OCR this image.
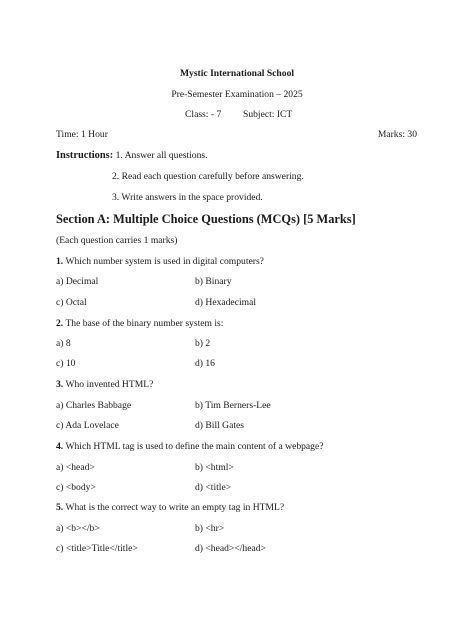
Mystic International School
Pre-Semester Examination – 2025
Class: - 7 Subject: ICT
Time: 1 Hour	Marks: 30
Instructions: 1. Answer all questions.
2. Read each question carefully before answering.
3. Write answers in the space provided.
Section A: Multiple Choice Questions (MCQs) [5 Marks]
(Each question carries 1 marks)
1. Which number system is used in digital computers?
a) Decimal	b) Binary
c) Octal	d) Hexadecimal
2. The base of the binary number system is:
a) 8	b) 2
c) 10	d) 16
3. Who invented HTML?
a) Charles Babbage	b) Tim Berners-Lee
c) Ada Lovelace	d) Bill Gates
4. Which HTML tag is used to define the main content of a webpage?
a) <head>	b) <html>
c) <body>	d) <title>
5. What is the correct way to write an empty tag in HTML?
a) <b></b>	b) <hr>
c) <title>Title</title>	d) <head></head>
